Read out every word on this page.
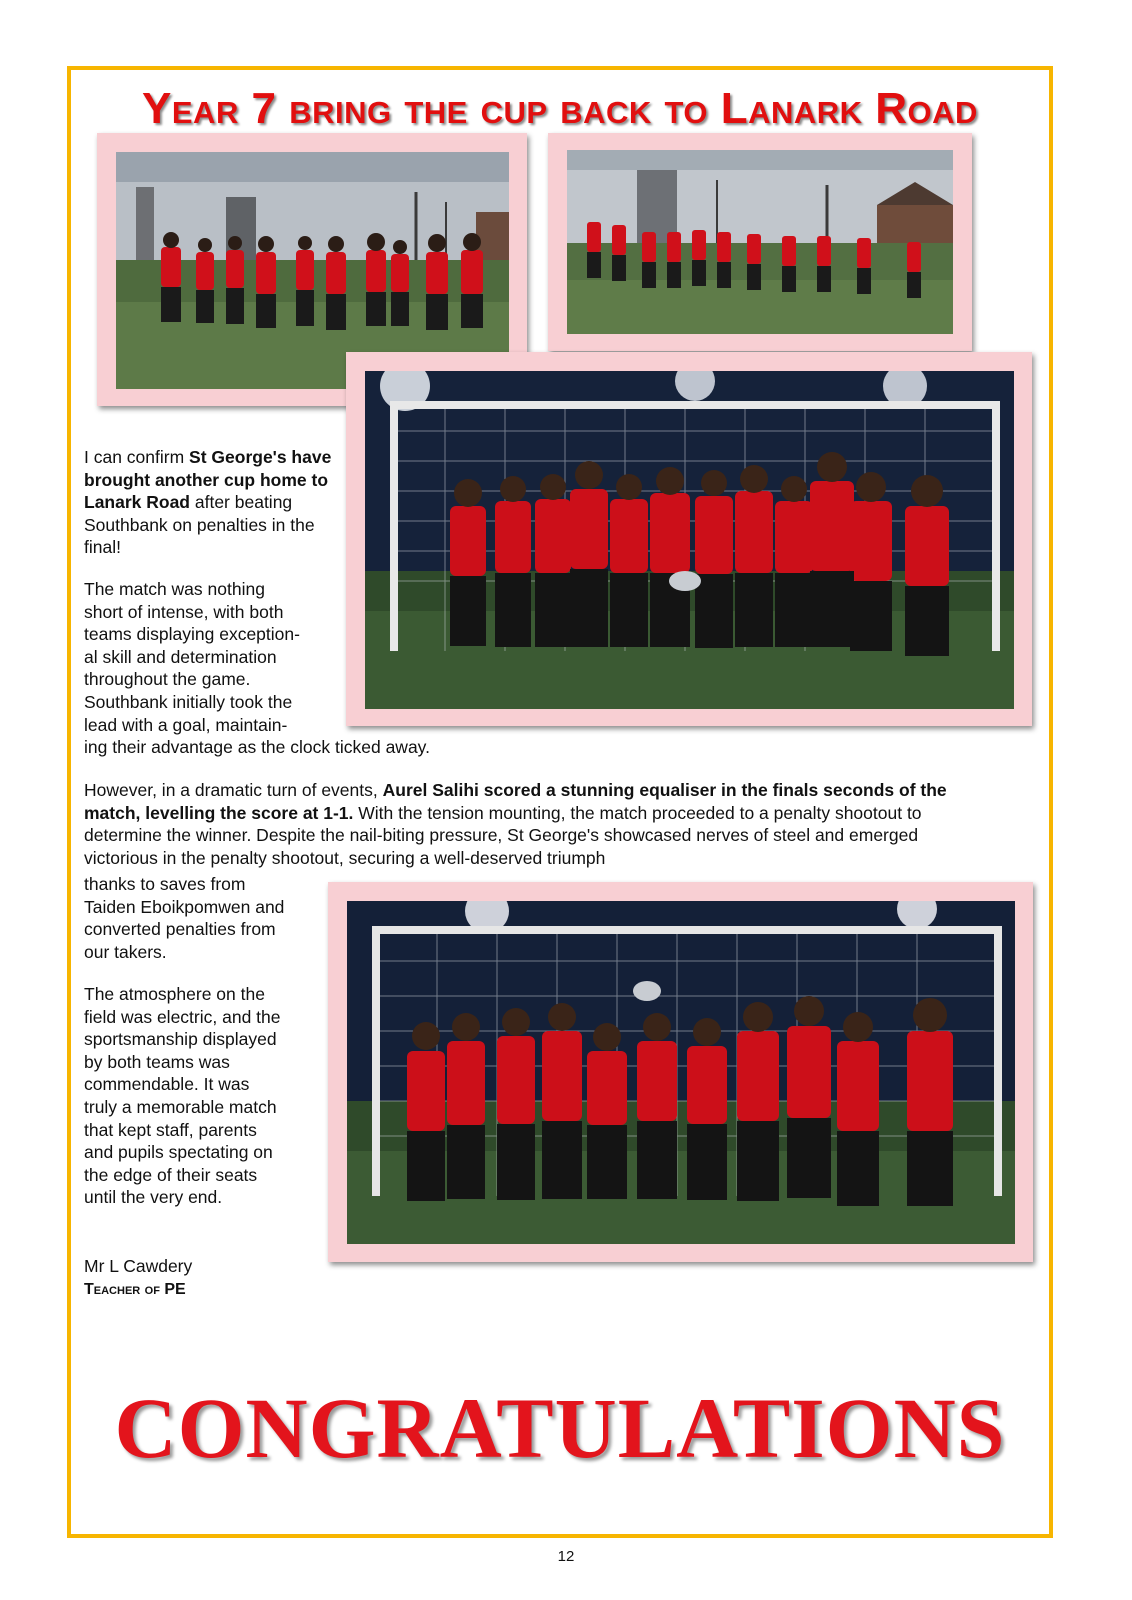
Year 7 bring the cup back to Lanark Road

I can confirm St George's have brought another cup home to Lanark Road after beating Southbank on penalties in the final!

The match was nothing
short of intense, with both
teams displaying exception-
al skill and determination
throughout the game.
Southbank initially took the
lead with a goal, maintain-
ing their advantage as the clock ticked away.

However, in a dramatic turn of events, Aurel Salihi scored a stunning equaliser in the finals seconds of the match, levelling the score at 1-1. With the tension mounting, the match proceeded to a penalty shootout to determine the winner. Despite the nail-biting pressure, St George's showcased nerves of steel and emerged victorious in the penalty shootout, securing a well-deserved triumph

thanks to saves from
Taiden Eboikpomwen and
converted penalties from
our takers.
The atmosphere on the
field was electric, and the
sportsmanship displayed
by both teams was
commendable. It was
truly a memorable match
that kept staff, parents
and pupils spectating on
the edge of their seats
until the very end.
Mr L Cawdery
Teacher of PE
CONGRATULATIONS
12
